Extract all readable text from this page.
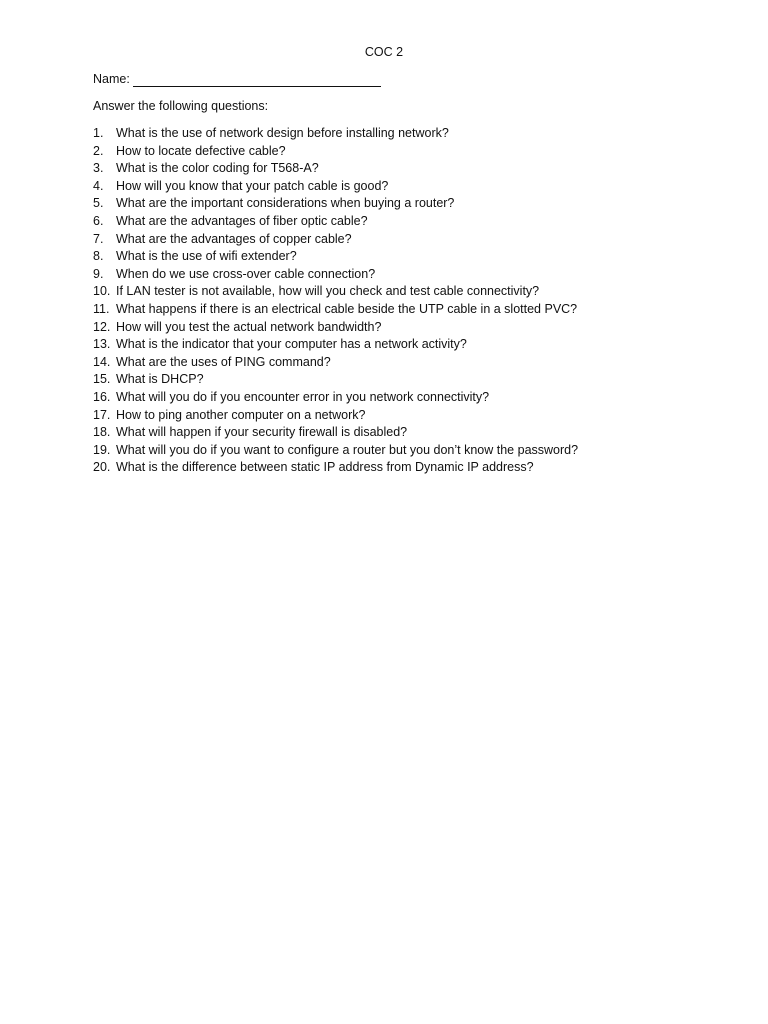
COC 2
Name:
Answer the following questions:
1.	What is the use of network design before installing network?
2.	How to locate defective cable?
3.	What is the color coding for T568-A?
4.	How will you know that your patch cable is good?
5.	What are the important considerations when buying a router?
6.	What are the advantages of fiber optic cable?
7.	What are the advantages of copper cable?
8.	What is the use of wifi extender?
9.	When do we use cross-over cable connection?
10. If LAN tester is not available, how will you check and test cable connectivity?
11. What happens if there is an electrical cable beside the UTP cable in a slotted PVC?
12. How will you test the actual network bandwidth?
13. What is the indicator that your computer has a network activity?
14. What are the uses of PING command?
15. What is DHCP?
16. What will you do if you encounter error in you network connectivity?
17. How to ping another computer on a network?
18. What will happen if your security firewall is disabled?
19. What will you do if you want to configure a router but you don’t know the password?
20. What is the difference between static IP address from Dynamic IP address?
